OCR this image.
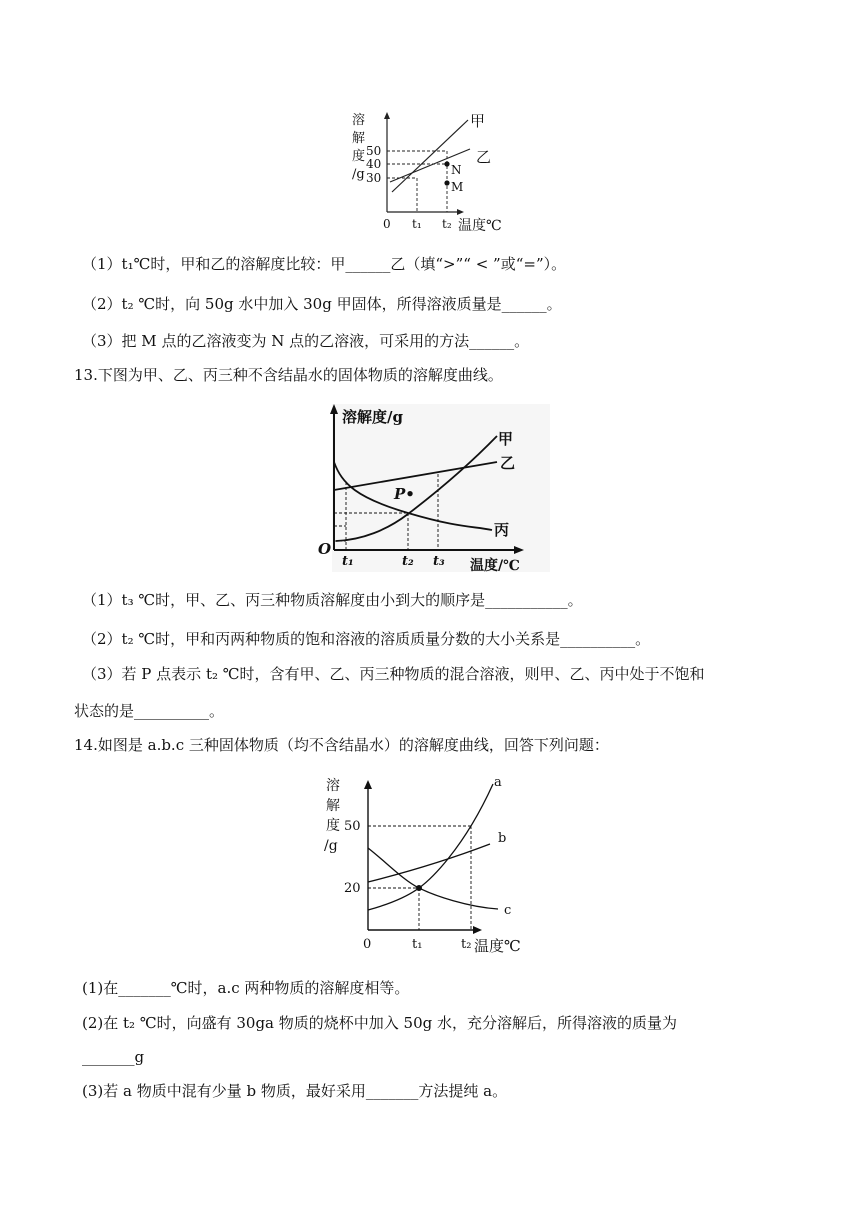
溶
解
度
/g
50
40
30
0 t₁ t₂ 温度℃
甲
乙
N
M
（1）t₁℃时，甲和乙的溶解度比较：甲______乙（填“>”“ < ”或“=”）。
（2）t₂ ℃时，向 50g 水中加入 30g 甲固体，所得溶液质量是______。
（3）把 M 点的乙溶液变为 N 点的乙溶液，可采用的方法______。
13.下图为甲、乙、丙三种不含结晶水的固体物质的溶解度曲线。
溶解度/g
温度/℃
O
t₁	t₂ t₃
甲
乙
丙
P•
（1）t₃ ℃时，甲、乙、丙三种物质溶解度由小到大的顺序是___________。
（2）t₂ ℃时，甲和丙两种物质的饱和溶液的溶质质量分数的大小关系是__________。
（3）若 P 点表示 t₂ ℃时，含有甲、乙、丙三种物质的混合溶液，则甲、乙、丙中处于不饱和
状态的是__________。
14.如图是 a.b.c 三种固体物质（均不含结晶水）的溶解度曲线，回答下列问题：
溶
解
度
/g
50
20
0	t₁	t₂ 温度℃
a
b
c
(1)在_______℃时，a.c 两种物质的溶解度相等。
(2)在 t₂ ℃时，向盛有 30ga 物质的烧杯中加入 50g 水，充分溶解后，所得溶液的质量为
_______g
(3)若 a 物质中混有少量 b 物质，最好采用_______方法提纯 a。
